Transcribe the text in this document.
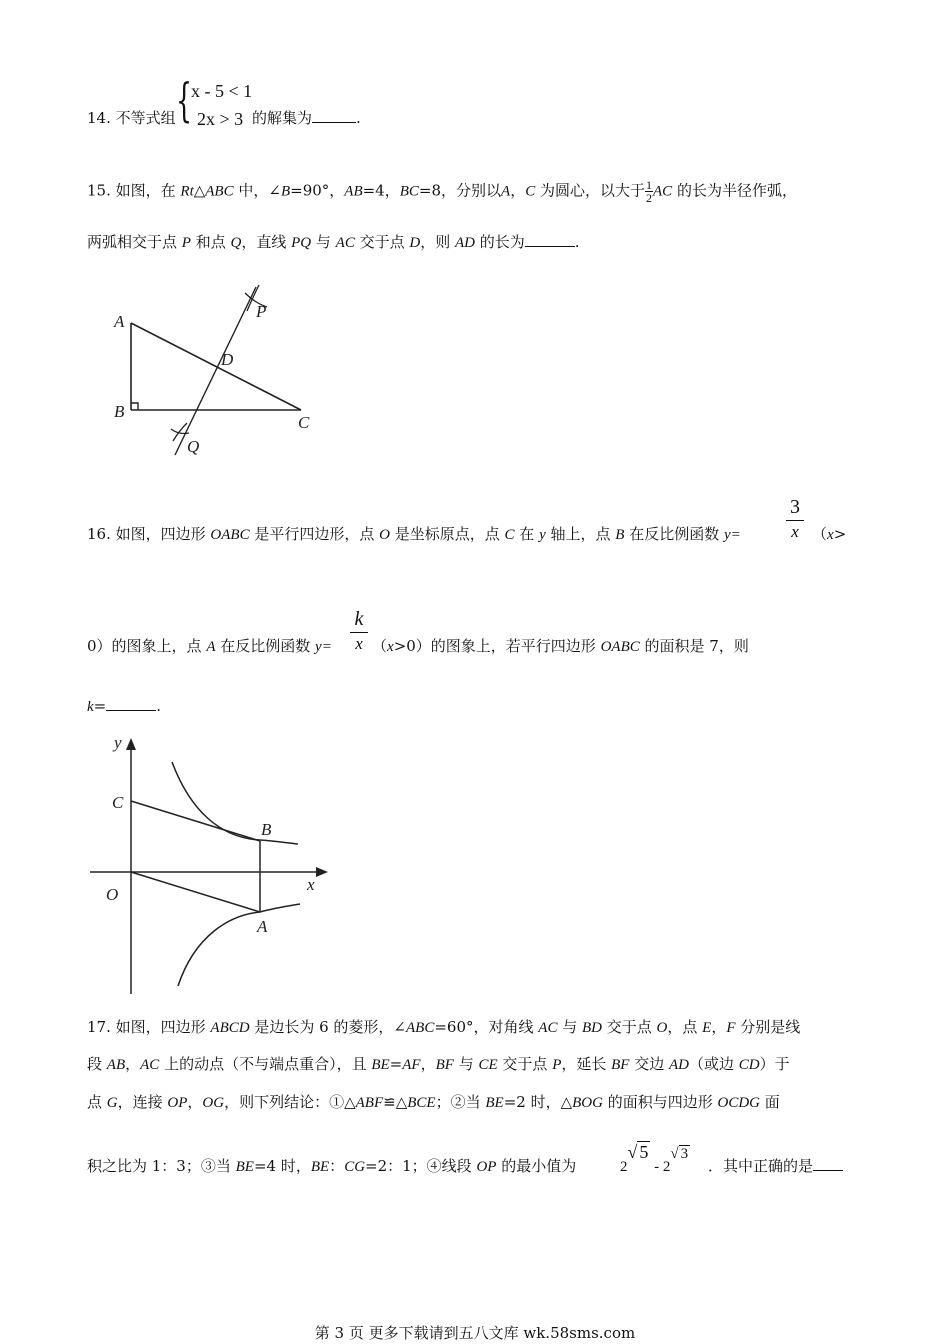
14. 不等式组 {
x - 5 < 1
2x > 3 的解集为	.
15. 如图，在 Rt△ABC 中，∠B=90°，AB=4，BC=8，分别以A，C 为圆心，以大于 $\frac{1}{2}$ AC 的长为半径作弧，
两弧相交于点 P 和点 Q，直线 PQ 与 AC 交于点 D，则 AD 的长为	.
A
B
C
D
P
Q
3
x
16. 如图，四边形 OABC 是平行四边形，点 O 是坐标原点，点 C 在 y 轴上，点 B 在反比例函数 y=	（x>
k
x
0）的图象上，点 A 在反比例函数 y=	（x>0）的图象上，若平行四边形 OABC 的面积是 7，则
k=	.
y
x
O
C
B
A
17. 如图，四边形 ABCD 是边长为 6 的菱形，∠ABC=60°，对角线 AC 与 BD 交于点 O，点 E，F 分别是线
段 AB，AC 上的动点（不与端点重合），且 BE=AF，BF 与 CE 交于点 P，延长 BF 交边 AD（或边 CD）于
点 G，连接 OP，OG，则下列结论：①△ABF≌△BCE；②当 BE=2 时，△BOG 的面积与四边形 OCDG 面
积之比为 1：3；③当 BE=4 时，BE：CG=2：1；④线段 OP 的最小值为	2√ 5 - 2√ 3
．其中正确的是
第 3 页 更多下载请到五八文库 wk.58sms.com
